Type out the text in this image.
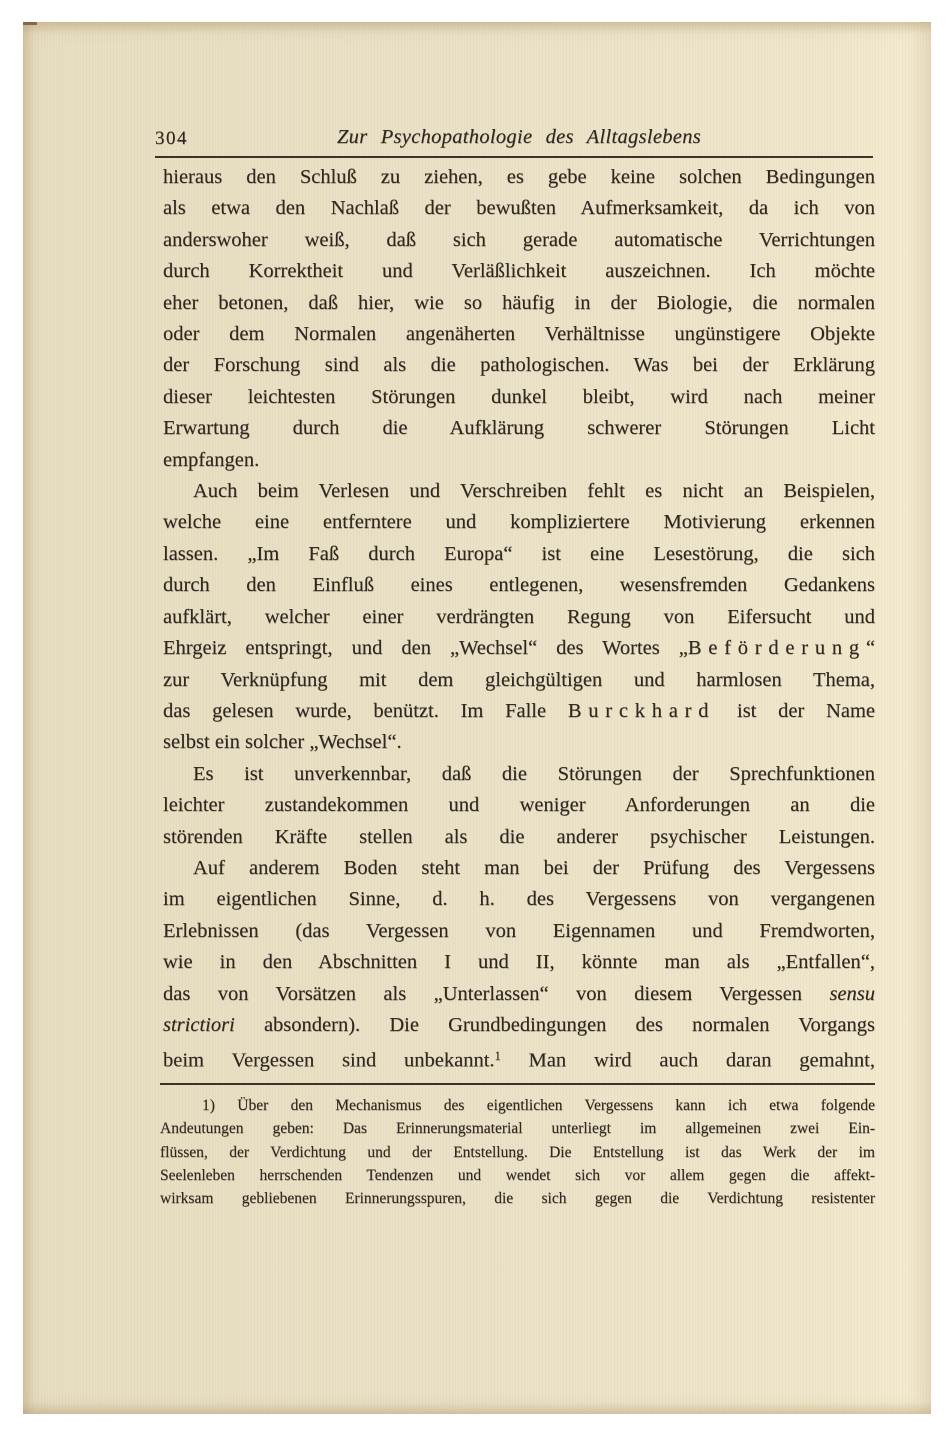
304	Zur Psychopathologie des Alltagslebens
hieraus den Schluß zu ziehen, es gebe keine solchen Bedingungen
als etwa den Nachlaß der bewußten Aufmerksamkeit, da ich von
anderswoher weiß, daß sich gerade automatische Verrichtungen
durch Korrektheit und Verläßlichkeit auszeichnen. Ich möchte
eher betonen, daß hier, wie so häufig in der Biologie, die normalen
oder dem Normalen angenäherten Verhältnisse ungünstigere Objekte
der Forschung sind als die pathologischen. Was bei der Erklärung
dieser leichtesten Störungen dunkel bleibt, wird nach meiner
Erwartung durch die Aufklärung schwerer Störungen Licht
empfangen.
Auch beim Verlesen und Verschreiben fehlt es nicht an Beispielen,
welche eine entferntere und kompliziertere Motivierung erkennen
lassen. „Im Faß durch Europa“ ist eine Lesestörung, die sich
durch den Einfluß eines entlegenen, wesensfremden Gedankens
aufklärt, welcher einer verdrängten Regung von Eifersucht und
Ehrgeiz entspringt, und den „Wechsel“ des Wortes „Beförderung“
zur Verknüpfung mit dem gleichgültigen und harmlosen Thema,
das gelesen wurde, benützt. Im Falle Burckhard ist der Name
selbst ein solcher „Wechsel“.
Es ist unverkennbar, daß die Störungen der Sprechfunktionen
leichter zustandekommen und weniger Anforderungen an die
störenden Kräfte stellen als die anderer psychischer Leistungen.
Auf anderem Boden steht man bei der Prüfung des Vergessens
im eigentlichen Sinne, d. h. des Vergessens von vergangenen
Erlebnissen (das Vergessen von Eigennamen und Fremdworten,
wie in den Abschnitten I und II, könnte man als „Entfallen“,
das von Vorsätzen als „Unterlassen“ von diesem Vergessen sensu
strictiori absondern). Die Grundbedingungen des normalen Vorgangs
beim Vergessen sind unbekannt.$^1$ Man wird auch daran gemahnt,
1) Über den Mechanismus des eigentlichen Vergessens kann ich etwa folgende
Andeutungen geben: Das Erinnerungsmaterial unterliegt im allgemeinen zwei Ein-
flüssen, der Verdichtung und der Entstellung. Die Entstellung ist das Werk der im
Seelenleben herrschenden Tendenzen und wendet sich vor allem gegen die affekt-
wirksam gebliebenen Erinnerungsspuren, die sich gegen die Verdichtung resistenter
